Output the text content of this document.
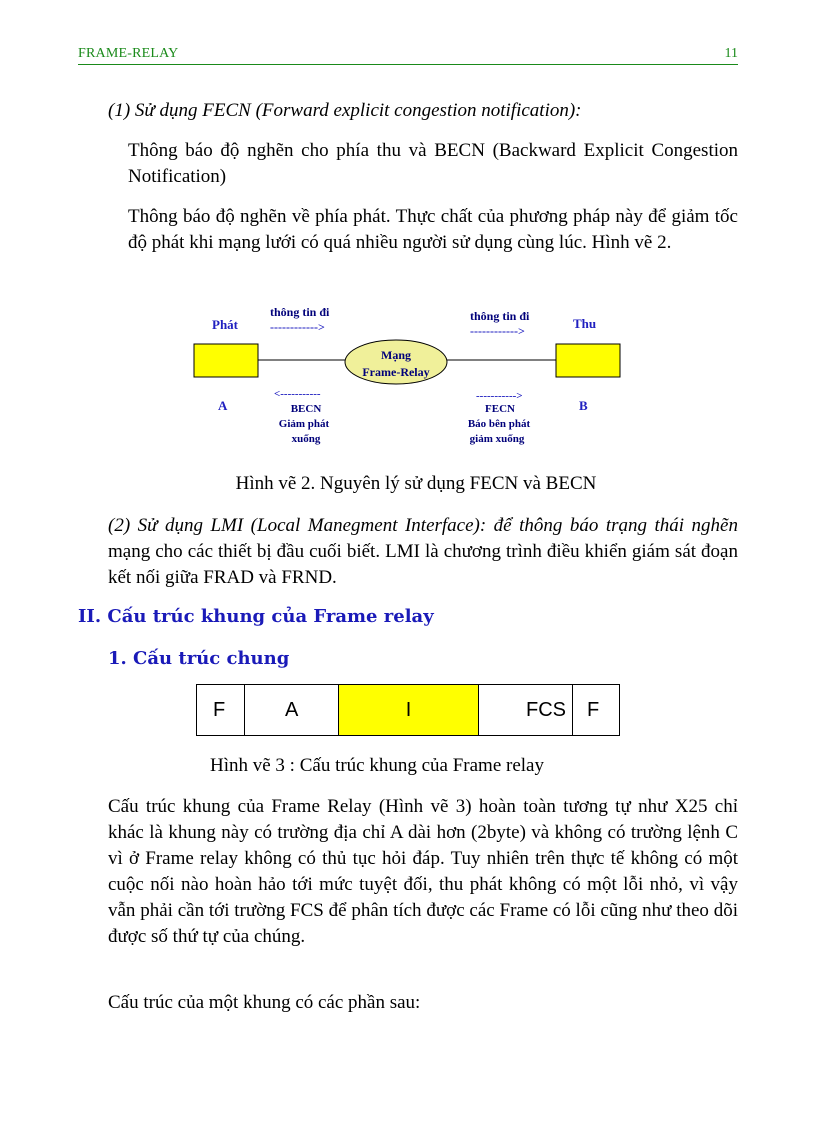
FRAME-RELAY	11
(1) Sử dụng FECN (Forward explicit congestion notification):
Thông báo độ nghẽn cho phía thu và BECN (Backward Explicit Congestion Notification)
Thông báo độ nghẽn về phía phát. Thực chất của phương pháp này để giảm tốc độ phát khi mạng lưới có quá nhiều người sử dụng cùng lúc. Hình vẽ 2.
Phát	Thu
thông tin đi
------------>
thông tin đi
------------>
Mạng
Frame-Relay
A	B
<-----------
BECN
Giảm phát
xuống
----------->
FECN
Báo bên phát
giảm xuống
Hình vẽ 2. Nguyên lý sử dụng FECN và BECN
(2) Sử dụng LMI (Local Manegment Interface): để thông báo trạng thái nghẽn mạng cho các thiết bị đầu cuối biết. LMI là chương trình điều khiển giám sát đoạn kết nối giữa FRAD và FRND.
II. Cấu trúc khung của Frame relay
1. Cấu trúc chung
F	A	I	FCS	F
Hình vẽ 3 : Cấu trúc khung của Frame relay
Cấu trúc khung của Frame Relay (Hình vẽ 3) hoàn toàn tương tự như X25 chỉ khác là khung này có trường địa chỉ A dài hơn (2byte) và không có trường lệnh C vì ở Frame relay không có thủ tục hỏi đáp. Tuy nhiên trên thực tế không có một cuộc nối nào hoàn hảo tới mức tuyệt đối, thu phát không có một lỗi nhỏ, vì vậy vẫn phải cần tới trường FCS để phân tích được các Frame có lỗi cũng như theo dõi được số thứ tự của chúng.
Cấu trúc của một khung có các phần sau:
